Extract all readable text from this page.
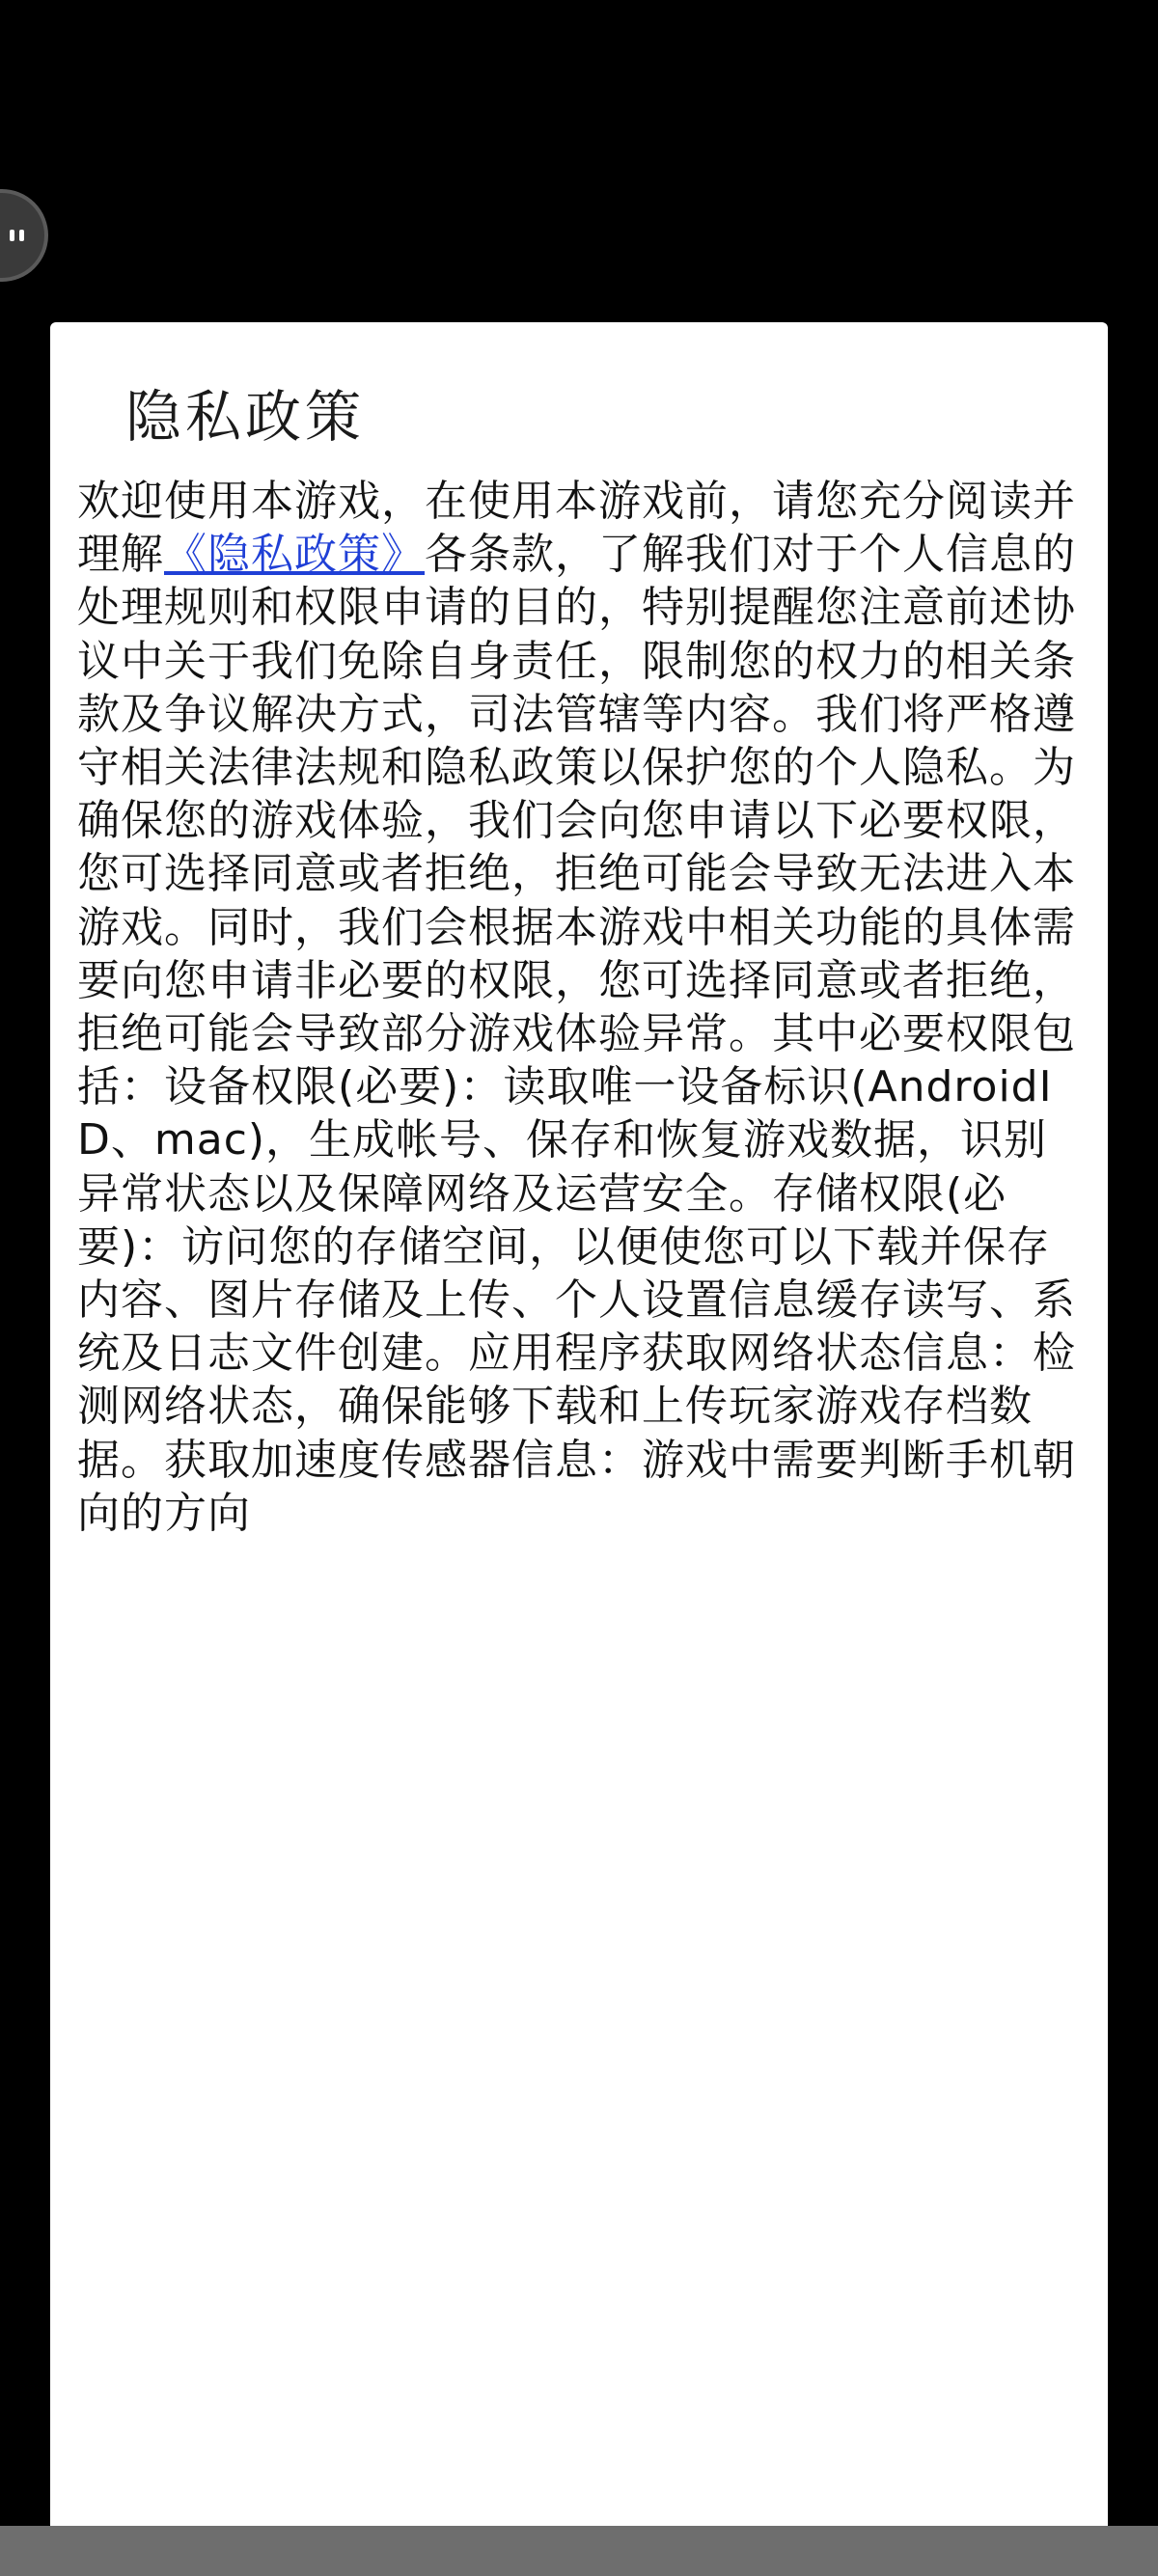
隐私政策

欢迎使用本游戏，在使用本游戏前，请您充分阅读并理解《隐私政策》各条款，了解我们对于个人信息的处理规则和权限申请的目的，特别提醒您注意前述协议中关于我们免除自身责任，限制您的权力的相关条款及争议解决方式，司法管辖等内容。我们将严格遵守相关法律法规和隐私政策以保护您的个人隐私。为确保您的游戏体验，我们会向您申请以下必要权限，您可选择同意或者拒绝，拒绝可能会导致无法进入本游戏。同时，我们会根据本游戏中相关功能的具体需要向您申请非必要的权限，您可选择同意或者拒绝，拒绝可能会导致部分游戏体验异常。其中必要权限包括：设备权限(必要)：读取唯一设备标识(AndroidID、mac)，生成帐号、保存和恢复游戏数据，识别异常状态以及保障网络及运营安全。存储权限(必要)：访问您的存储空间，以便使您可以下载并保存内容、图片存储及上传、个人设置信息缓存读写、系统及日志文件创建。应用程序获取网络状态信息：检测网络状态，确保能够下载和上传玩家游戏存档数据。获取加速度传感器信息：游戏中需要判断手机朝向的方向
